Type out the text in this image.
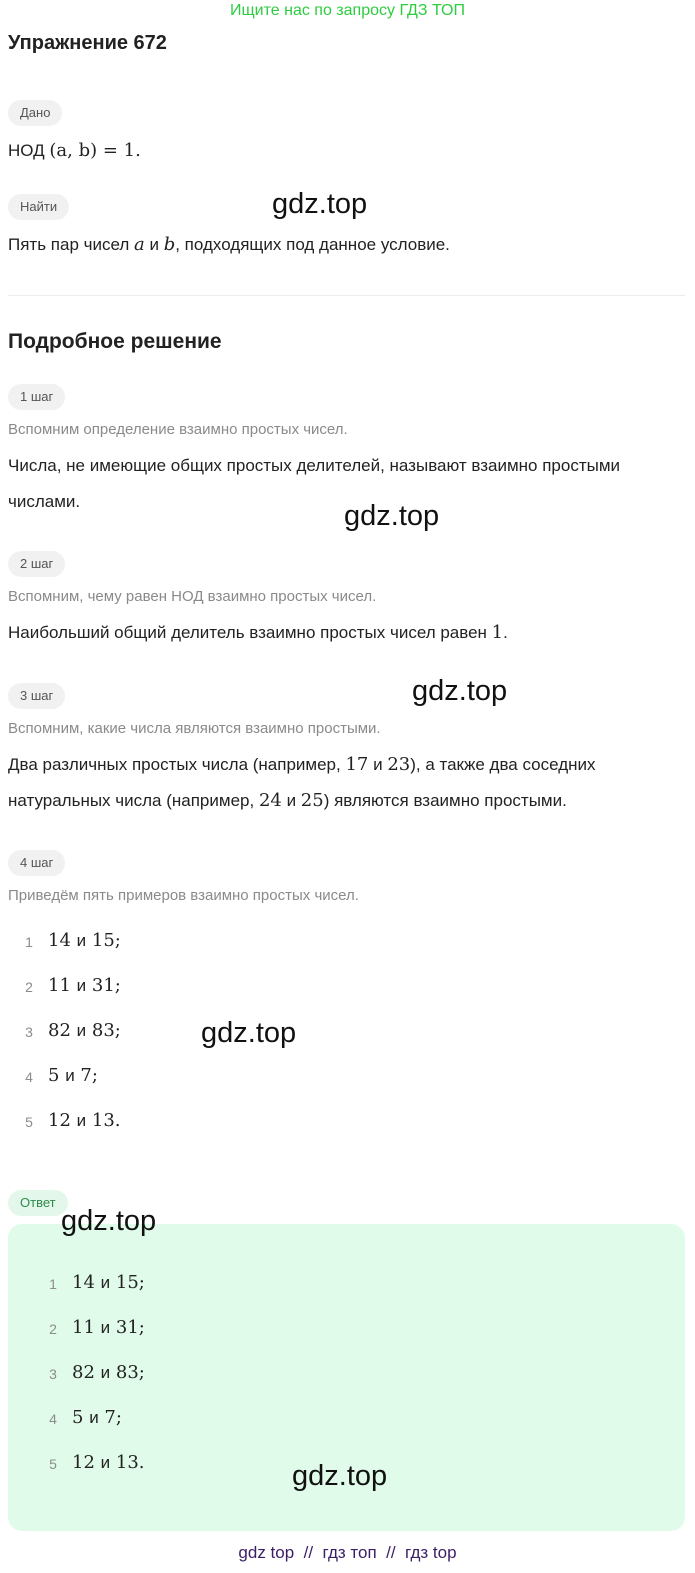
Ищите нас по запросу ГДЗ ТОП
Упражнение 672
Дано
НОД (a, b) = 1.
Найти	gdz.top
Пять пар чисел a и b, подходящих под данное условие.
Подробное решение
1 шаг
Вспомним определение взаимно простых чисел.
Числа, не имеющие общих простых делителей, называют взаимно простыми
числами.	gdz.top
2 шаг
Вспомним, чему равен НОД взаимно простых чисел.
Наибольший общий делитель взаимно простых чисел равен 1.
3 шаг	gdz.top
Вспомним, какие числа являются взаимно простыми.
Два различных простых числа (например, 17 и 23), а также два соседних
натуральных числа (например, 24 и 25) являются взаимно простыми.
4 шаг
Приведём пять примеров взаимно простых чисел.
1 14 и 15;
2 11 и 31;
3 82 и 83;	gdz.top
4 5 и 7;
5 12 и 13.
Ответ
gdz.top
1 14 и 15;
2 11 и 31;
3 82 и 83;
4 5 и 7;
5 12 и 13.	gdz.top
gdz top // гдз топ // гдз top
